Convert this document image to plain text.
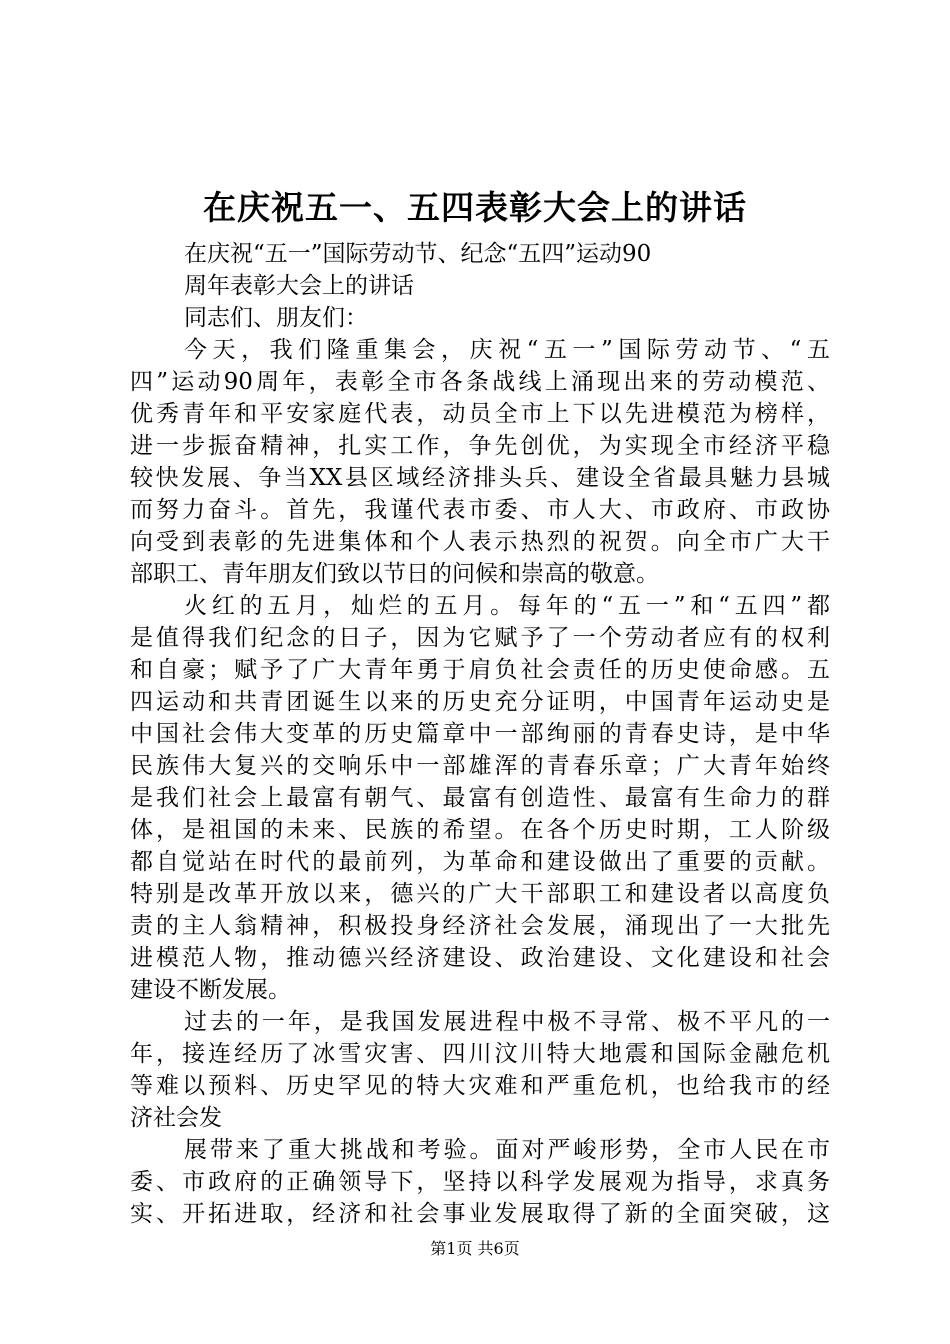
在庆祝五一、五四表彰大会上的讲话
在庆祝“五一”国际劳动节、纪念“五四”运动90
周年表彰大会上的讲话
同志们、朋友们：
今天，我们隆重集会，庆祝“五一”国际劳动节、“五
四”运动90周年，表彰全市各条战线上涌现出来的劳动模范、
优秀青年和平安家庭代表，动员全市上下以先进模范为榜样，
进一步振奋精神，扎实工作，争先创优，为实现全市经济平稳
较快发展、争当XX县区域经济排头兵、建设全省最具魅力县城
而努力奋斗。首先，我谨代表市委、市人大、市政府、市政协
向受到表彰的先进集体和个人表示热烈的祝贺。向全市广大干
部职工、青年朋友们致以节日的问候和崇高的敬意。
火红的五月，灿烂的五月。每年的“五一”和“五四”都
是值得我们纪念的日子，因为它赋予了一个劳动者应有的权利
和自豪；赋予了广大青年勇于肩负社会责任的历史使命感。五
四运动和共青团诞生以来的历史充分证明，中国青年运动史是
中国社会伟大变革的历史篇章中一部绚丽的青春史诗，是中华
民族伟大复兴的交响乐中一部雄浑的青春乐章；广大青年始终
是我们社会上最富有朝气、最富有创造性、最富有生命力的群
体，是祖国的未来、民族的希望。在各个历史时期，工人阶级
都自觉站在时代的最前列，为革命和建设做出了重要的贡献。
特别是改革开放以来，德兴的广大干部职工和建设者以高度负
责的主人翁精神，积极投身经济社会发展，涌现出了一大批先
进模范人物，推动德兴经济建设、政治建设、文化建设和社会
建设不断发展。
过去的一年，是我国发展进程中极不寻常、极不平凡的一
年，接连经历了冰雪灾害、四川汶川特大地震和国际金融危机
等难以预料、历史罕见的特大灾难和严重危机，也给我市的经
济社会发
展带来了重大挑战和考验。面对严峻形势，全市人民在市
委、市政府的正确领导下，坚持以科学发展观为指导，求真务
实、开拓进取，经济和社会事业发展取得了新的全面突破，这
第1页 共6页
